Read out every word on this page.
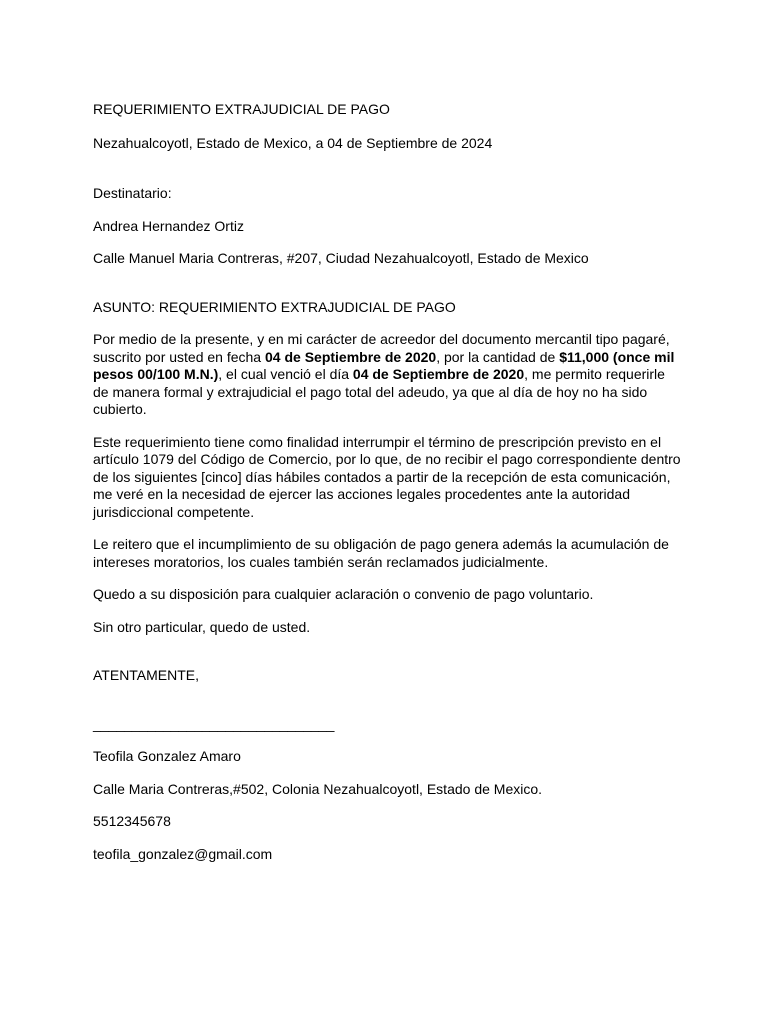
REQUERIMIENTO EXTRAJUDICIAL DE PAGO

Nezahualcoyotl, Estado de Mexico, a 04 de Septiembre de 2024

Destinatario:

Andrea Hernandez Ortiz

Calle Manuel Maria Contreras, #207, Ciudad Nezahualcoyotl, Estado de Mexico

ASUNTO: REQUERIMIENTO EXTRAJUDICIAL DE PAGO

Por medio de la presente, y en mi carácter de acreedor del documento mercantil tipo pagaré, suscrito por usted en fecha 04 de Septiembre de 2020, por la cantidad de $11,000 (once mil pesos 00/100 M.N.), el cual venció el día 04 de Septiembre de 2020, me permito requerirle de manera formal y extrajudicial el pago total del adeudo, ya que al día de hoy no ha sido cubierto.

Este requerimiento tiene como finalidad interrumpir el término de prescripción previsto en el artículo 1079 del Código de Comercio, por lo que, de no recibir el pago correspondiente dentro de los siguientes [cinco] días hábiles contados a partir de la recepción de esta comunicación, me veré en la necesidad de ejercer las acciones legales procedentes ante la autoridad jurisdiccional competente.

Le reitero que el incumplimiento de su obligación de pago genera además la acumulación de intereses moratorios, los cuales también serán reclamados judicialmente.

Quedo a su disposición para cualquier aclaración o convenio de pago voluntario.

Sin otro particular, quedo de usted.

ATENTAMENTE,

_______________________________

Teofila Gonzalez Amaro

Calle Maria Contreras,#502, Colonia Nezahualcoyotl, Estado de Mexico.

5512345678

teofila_gonzalez@gmail.com
